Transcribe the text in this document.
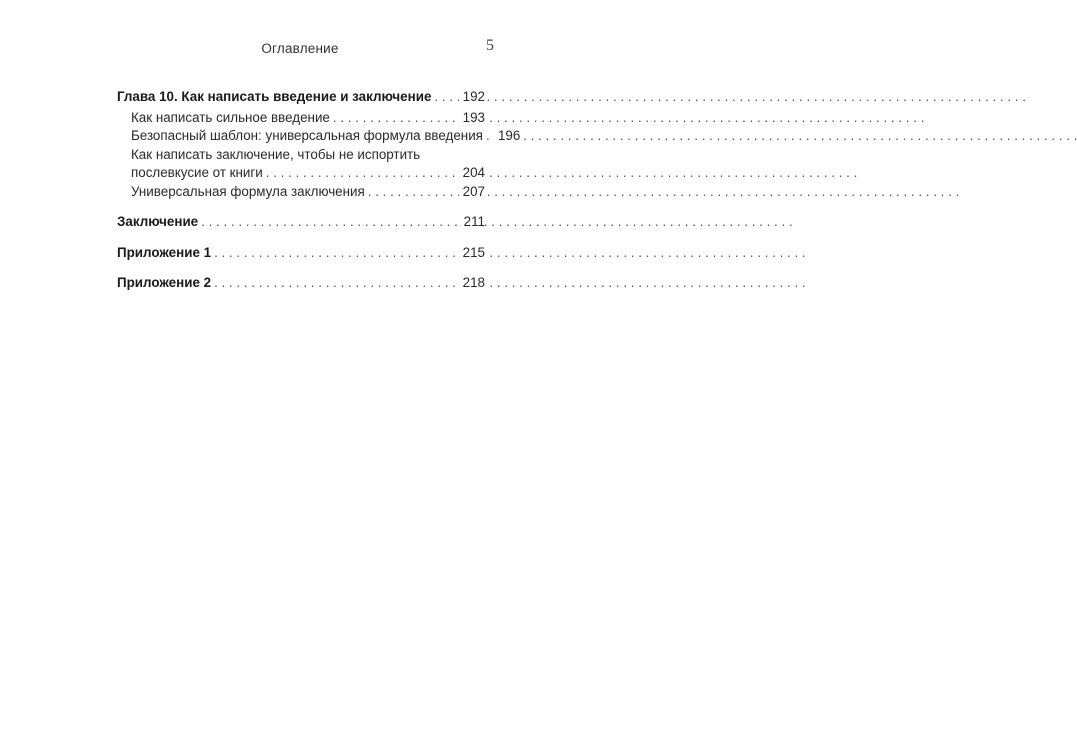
Оглавление	5
Глава 10. Как написать введение и заключение . . . 192
Как написать сильное введение . . .	193
Безопасный шаблон: универсальная формула введения . . . 196
Как написать заключение, чтобы не испортить
послевкусие от книги . . .	204
Универсальная формула заключения . . .	207
Заключение . . .	211
Приложение 1 . . .	215
Приложение 2 . . .	218
